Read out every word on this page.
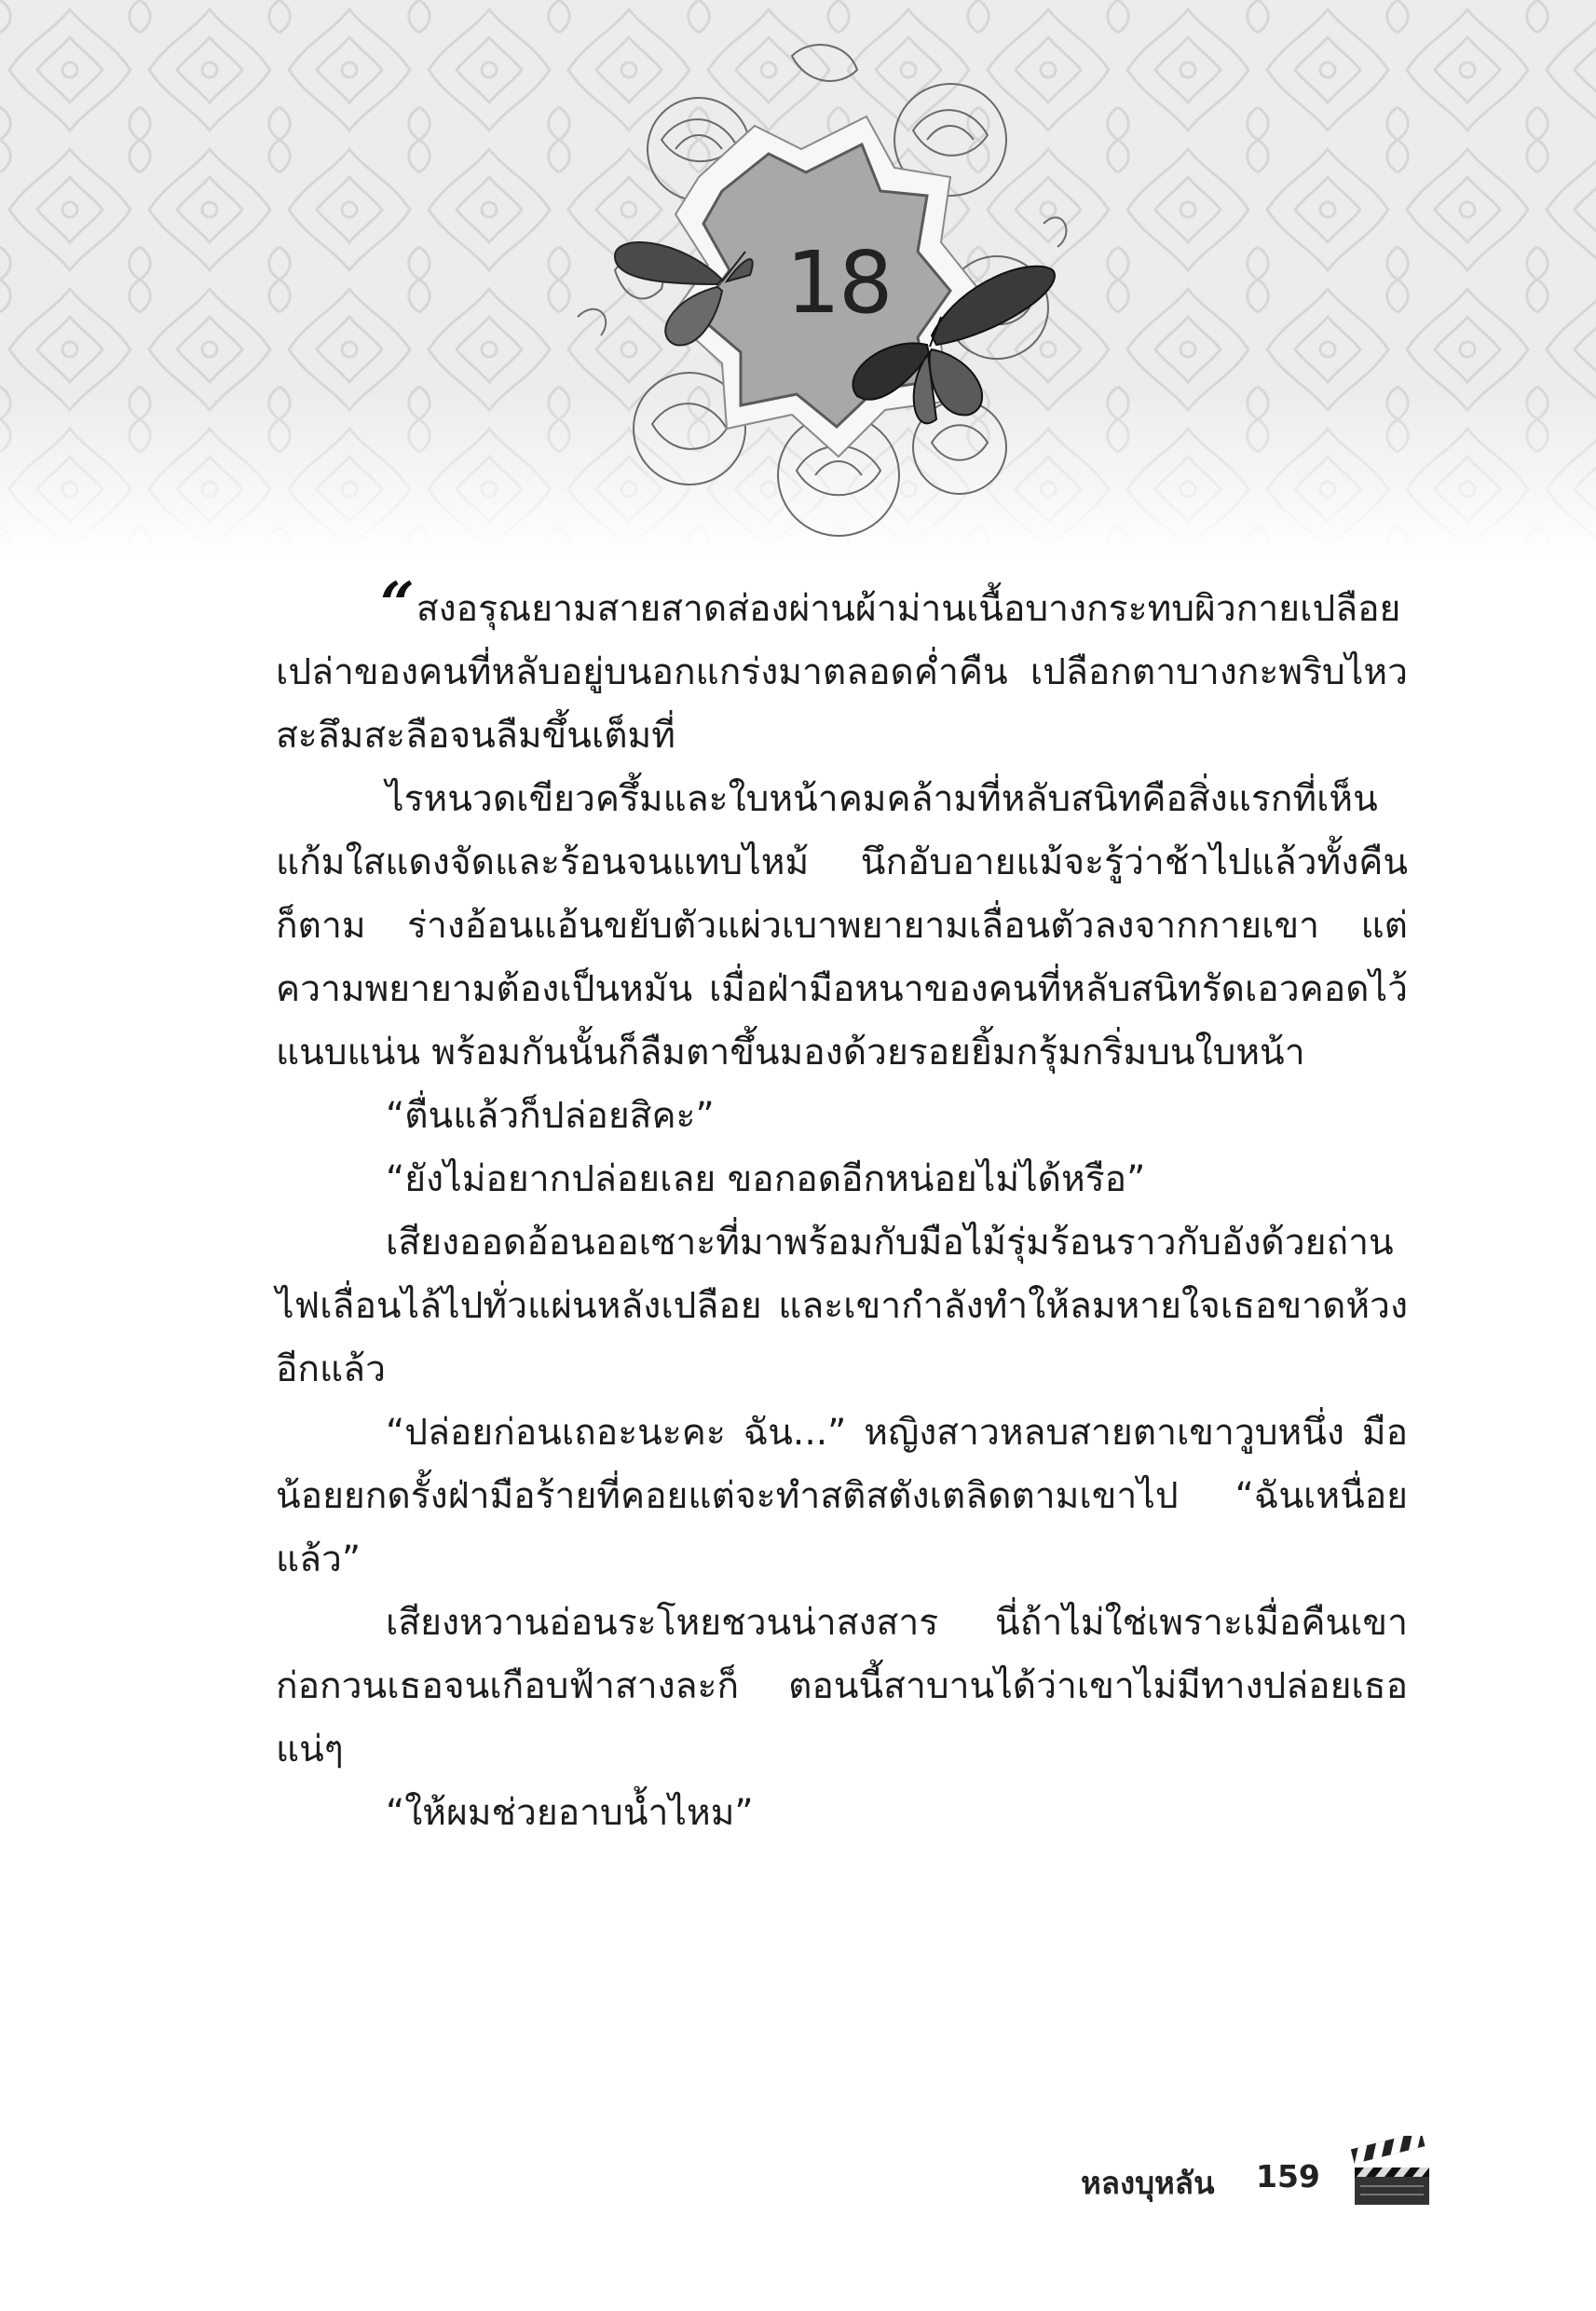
18

“ สงอรุณยามสายสาดส่องผ่านผ้าม่านเนื้อบางกระทบผิวกายเปลือยเปล่าของคนที่หลับอยู่บนอกแกร่งมาตลอดค่ำคืน เปลือกตาบางกะพริบไหวสะลึมสะลือจนลืมขึ้นเต็มที่

ไรหนวดเขียวครึ้มและใบหน้าคมคล้ามที่หลับสนิทคือสิ่งแรกที่เห็น แก้มใสแดงจัดและร้อนจนแทบไหม้ นึกอับอายแม้จะรู้ว่าช้าไปแล้วทั้งคืนก็ตาม ร่างอ้อนแอ้นขยับตัวแผ่วเบาพยายามเลื่อนตัวลงจากกายเขา แต่ความพยายามต้องเป็นหมัน เมื่อฝ่ามือหนาของคนที่หลับสนิทรัดเอวคอดไว้แนบแน่น พร้อมกันนั้นก็ลืมตาขึ้นมองด้วยรอยยิ้มกรุ้มกริ่มบนใบหน้า

“ตื่นแล้วก็ปล่อยสิคะ”

“ยังไม่อยากปล่อยเลย ขอกอดอีกหน่อยไม่ได้หรือ”

เสียงออดอ้อนออเซาะที่มาพร้อมกับมือไม้รุ่มร้อนราวกับอังด้วยถ่านไฟเลื่อนไล้ไปทั่วแผ่นหลังเปลือย และเขากำลังทำให้ลมหายใจเธอขาดห้วงอีกแล้ว

“ปล่อยก่อนเถอะนะคะ ฉัน...” หญิงสาวหลบสายตาเขาวูบหนึ่ง มือน้อยยกดรั้งฝ่ามือร้ายที่คอยแต่จะทำสติสตังเตลิดตามเขาไป “ฉันเหนื่อยแล้ว”

เสียงหวานอ่อนระโหยชวนน่าสงสาร นี่ถ้าไม่ใช่เพราะเมื่อคืนเขาก่อกวนเธอจนเกือบฟ้าสางละก็ ตอนนี้สาบานได้ว่าเขาไม่มีทางปล่อยเธอแน่ๆ

“ให้ผมช่วยอาบน้ำไหม”

หลงบุหลัน 159
